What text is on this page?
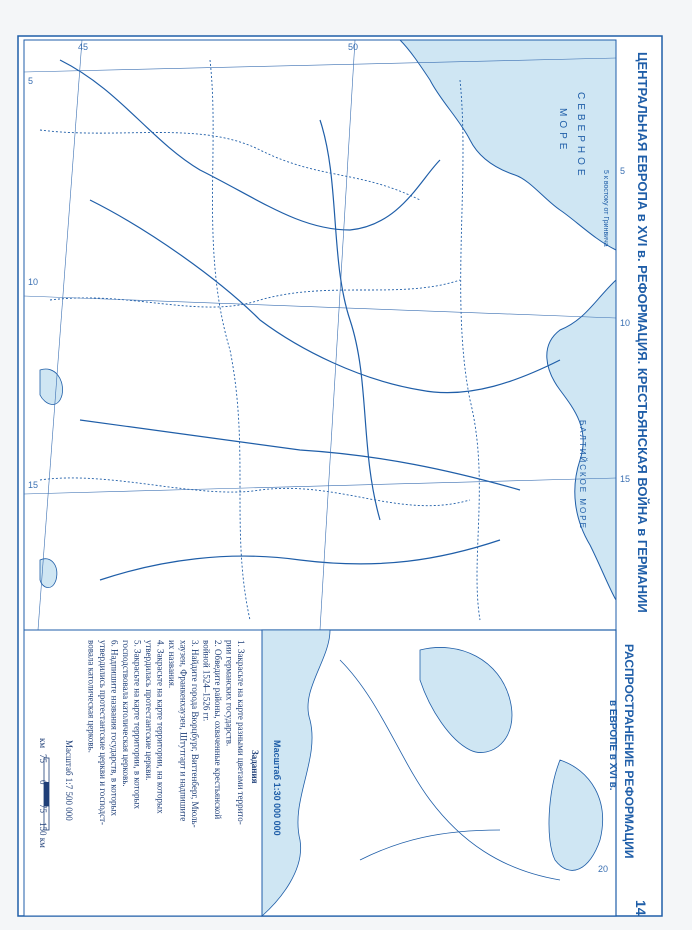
5
10
15
5
10
15
45	50
СЕВЕРНОЕ
МОРЕ
БАЛТИЙСКОЕ МОРЕ
5 к востоку от Гринвича
20
Масштаб 1:30 000 000	РАСПРОСТРАНЕНИЕ РЕФОРМАЦИИ
в ЕВРОПЕ в XVI в.
ЦЕНТРАЛЬНАЯ ЕВРОПА в XVI в. РЕФОРМАЦИЯ. КРЕСТЬЯНСКАЯ ВОЙНА в ГЕРМАНИИ
14
Задания
1. Закрасьте на карте разными цветами террито-
рии германских государств.
2. Обведите районы, охваченные крестьянской
войной 1524–1526 гг.
3. Найдите города Вюрцбург, Виттенберг, Мюль-
хаузен, Франкенхаузен, Штутгарт и надпишите
их названия.
4. Закрасьте на карте территории, на которых
утвердилась протестантские церкви.
5. Закрасьте на карте территории, в которых
господствовала католическая церковь.
6. Надпишите названия государств, в которых
утвердились протестантские церкви и господст-
вовала католическая церковь.
Масштаб 1:7 500 000
км
75
0
75
150 км
